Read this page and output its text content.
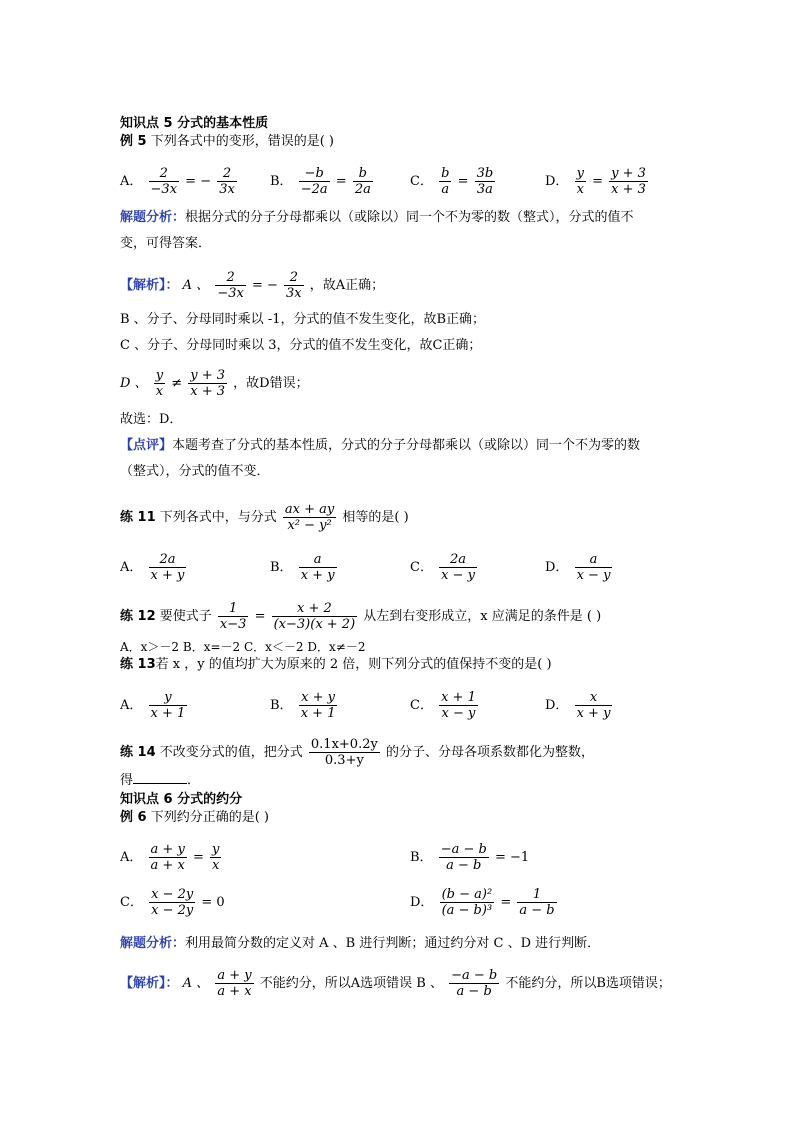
知识点 5 分式的基本性质
例 5 下列各式中的变形，错误的是( )
A． $\frac{2}{-3x}$ = − $\frac{2}{3x}$	B． $\frac{-b}{-2a} = \frac{b}{2a}$	C． $\frac{b}{a} = \frac{3b}{3a}$	D． $\frac{y}{x} = \frac{y + 3}{x + 3}$
解题分析：根据分式的分子分母都乘以（或除以）同一个不为零的数（整式），分式的值不
变，可得答案．
【解析】： A 、 $\frac{2}{-3x}$ = − $\frac{2}{3x}$ ，故A正确；
B 、分子、分母同时乘以 -1，分式的值不发生变化，故B正确；
C 、分子、分母同时乘以 3，分式的值不发生变化，故C正确；
D 、 $\frac{y}{x} \ne \frac{y + 3}{x + 3}$ ，故D错误；
故选：D．
【点评】本题考查了分式的基本性质，分式的分子分母都乘以（或除以）同一个不为零的数
（整式），分式的值不变．
练 11 下列各式中，与分式 $\frac{ax + ay}{\text{x² − y²}}$ 相等的是( )
A． $\frac{2a}{x + y}$	B． $\frac{a}{x + y}$	C． $\frac{2a}{x - y}$	D． $\frac{a}{x - y}$
练 12 要使式子 $\frac{1}{x-3} = \frac{x + 2}{(x-3)(x + 2)}$ 从左到右变形成立，x 应满足的条件是 ( )
A．x＞－2 B．x=－2 C．x＜－2 D．x≠－2
练 13若 x ，y 的值均扩大为原来的 2 倍，则下列分式的值保持不变的是( )
A． $\frac{y}{x + 1}$	B． $\frac{x + y}{x + 1}$	C． $\frac{x + 1}{x - y}$	D． $\frac{x}{x + y}$
练 14 不改变分式的值，把分式 $\frac{0.1x+0.2y}{0.3+y}$ 的分子、分母各项系数都化为整数，
得	．
知识点 6 分式的约分
例 6 下列约分正确的是( )
A． $\frac{a + y}{a + x} = \frac{y}{x}$	B． $\frac{-a - b}{a - b} = -1$
C． $\frac{x - 2y}{x - 2y} = 0$	D． $\frac{\text{(b − a)²}}{\text{(a − b)³}} = \frac{1}{a - b}$
解题分析：利用最简分数的定义对 A 、B 进行判断；通过约分对 C 、D 进行判断．
【解析】： A 、 $\frac{a + y}{a + x}$ 不能约分，所以A选项错误 B 、 $\frac{-a - b}{a - b}$ 不能约分，所以B选项错误；
